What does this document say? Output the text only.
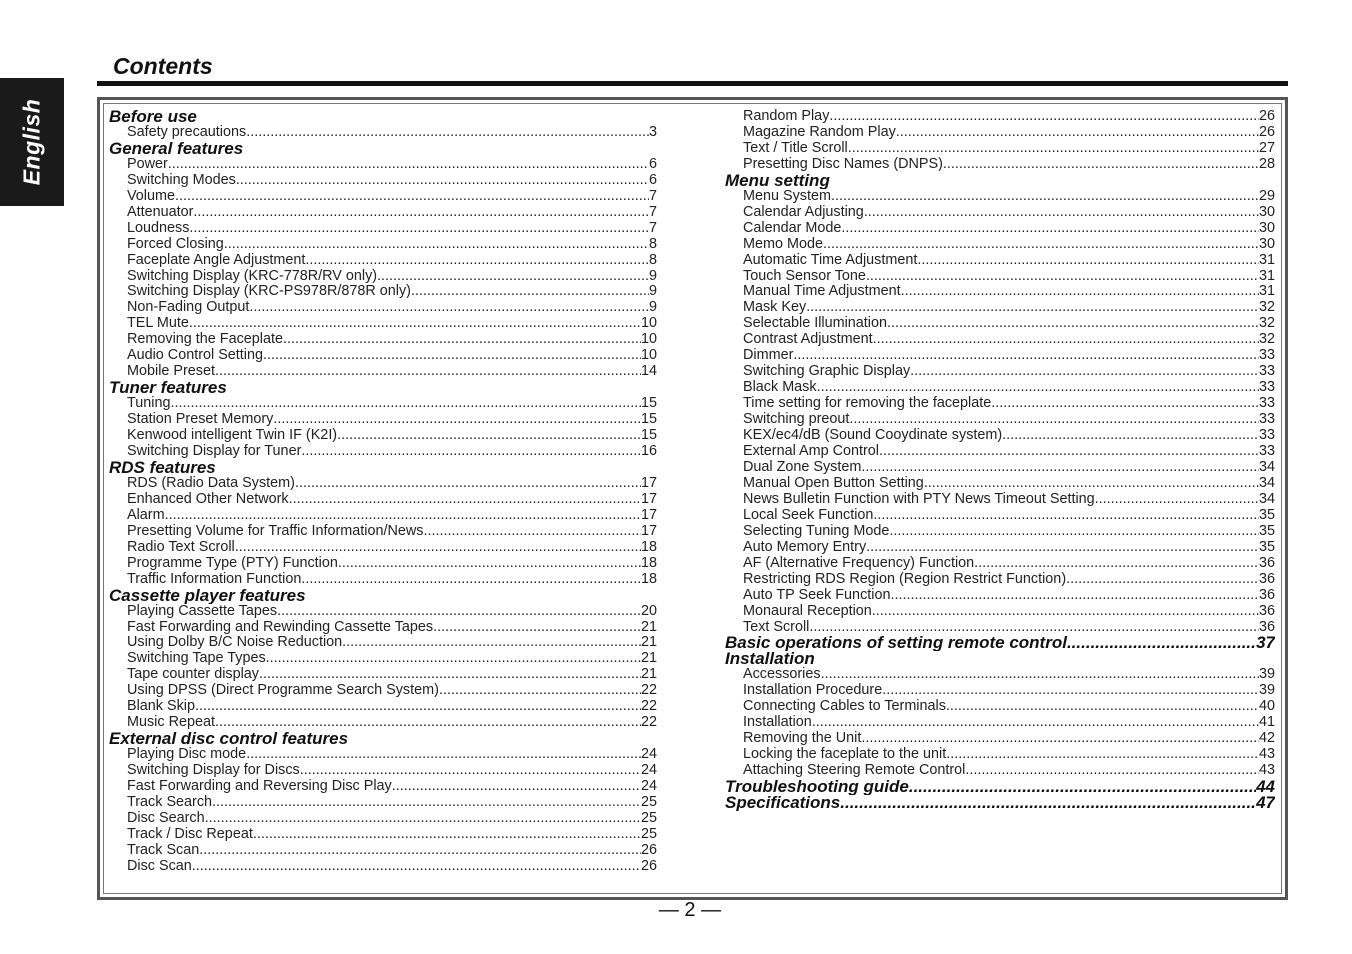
English
Contents
Before use
Safety precautions .....	3
General features
Power .....	6
Switching Modes .....	6
Volume .....	7
Attenuator .....	7
Loudness .....	7
Forced Closing .....	8
Faceplate Angle Adjustment .....	8
Switching Display (KRC-778R/RV only) .....	9
Switching Display (KRC-PS978R/878R only) .....	9
Non-Fading Output .....	9
TEL Mute .....	10
Removing the Faceplate .....	10
Audio Control Setting .....	10
Mobile Preset .....	14
Tuner features
Tuning .....	15
Station Preset Memory .....	15
Kenwood intelligent Twin IF (K2I) .....	15
Switching Display for Tuner .....	16
RDS features
RDS (Radio Data System) .....	17
Enhanced Other Network .....	17
Alarm .....	17
Presetting Volume for Traffic Information/News .....	17
Radio Text Scroll .....	18
Programme Type (PTY) Function .....	18
Traffic Information Function .....	18
Cassette player features
Playing Cassette Tapes .....	20
Fast Forwarding and Rewinding Cassette Tapes .....	21
Using Dolby B/C Noise Reduction .....	21
Switching Tape Types .....	21
Tape counter display .....	21
Using DPSS (Direct Programme Search System) .....	22
Blank Skip .....	22
Music Repeat .....	22
External disc control features
Playing Disc mode .....	24
Switching Display for Discs .....	24
Fast Forwarding and Reversing Disc Play .....	24
Track Search .....	25
Disc Search .....	25
Track / Disc Repeat .....	25
Track Scan .....	26
Disc Scan .....	26
Random Play .....	26
Magazine Random Play .....	26
Text / Title Scroll .....	27
Presetting Disc Names (DNPS) .....	28
Menu setting
Menu System .....	29
Calendar Adjusting .....	30
Calendar Mode .....	30
Memo Mode .....	30
Automatic Time Adjustment .....	31
Touch Sensor Tone .....	31
Manual Time Adjustment .....	31
Mask Key .....	32
Selectable Illumination .....	32
Contrast Adjustment .....	32
Dimmer .....	33
Switching Graphic Display .....	33
Black Mask .....	33
Time setting for removing the faceplate .....	33
Switching preout .....	33
KEX/ec4/dB (Sound Cooydinate system) .....	33
External Amp Control .....	33
Dual Zone System .....	34
Manual Open Button Setting .....	34
News Bulletin Function with PTY News Timeout Setting .....	34
Local Seek Function .....	35
Selecting Tuning Mode .....	35
Auto Memory Entry .....	35
AF (Alternative Frequency) Function .....	36
Restricting RDS Region (Region Restrict Function) .....	36
Auto TP Seek Function .....	36
Monaural Reception .....	36
Text Scroll .....	36
Basic operations of setting remote control .....	37
Installation
Accessories .....	39
Installation Procedure .....	39
Connecting Cables to Terminals .....	40
Installation .....	41
Removing the Unit .....	42
Locking the faceplate to the unit .....	43
Attaching Steering Remote Control .....	43
Troubleshooting guide .....	44
Specifications .....	47
— 2 —
